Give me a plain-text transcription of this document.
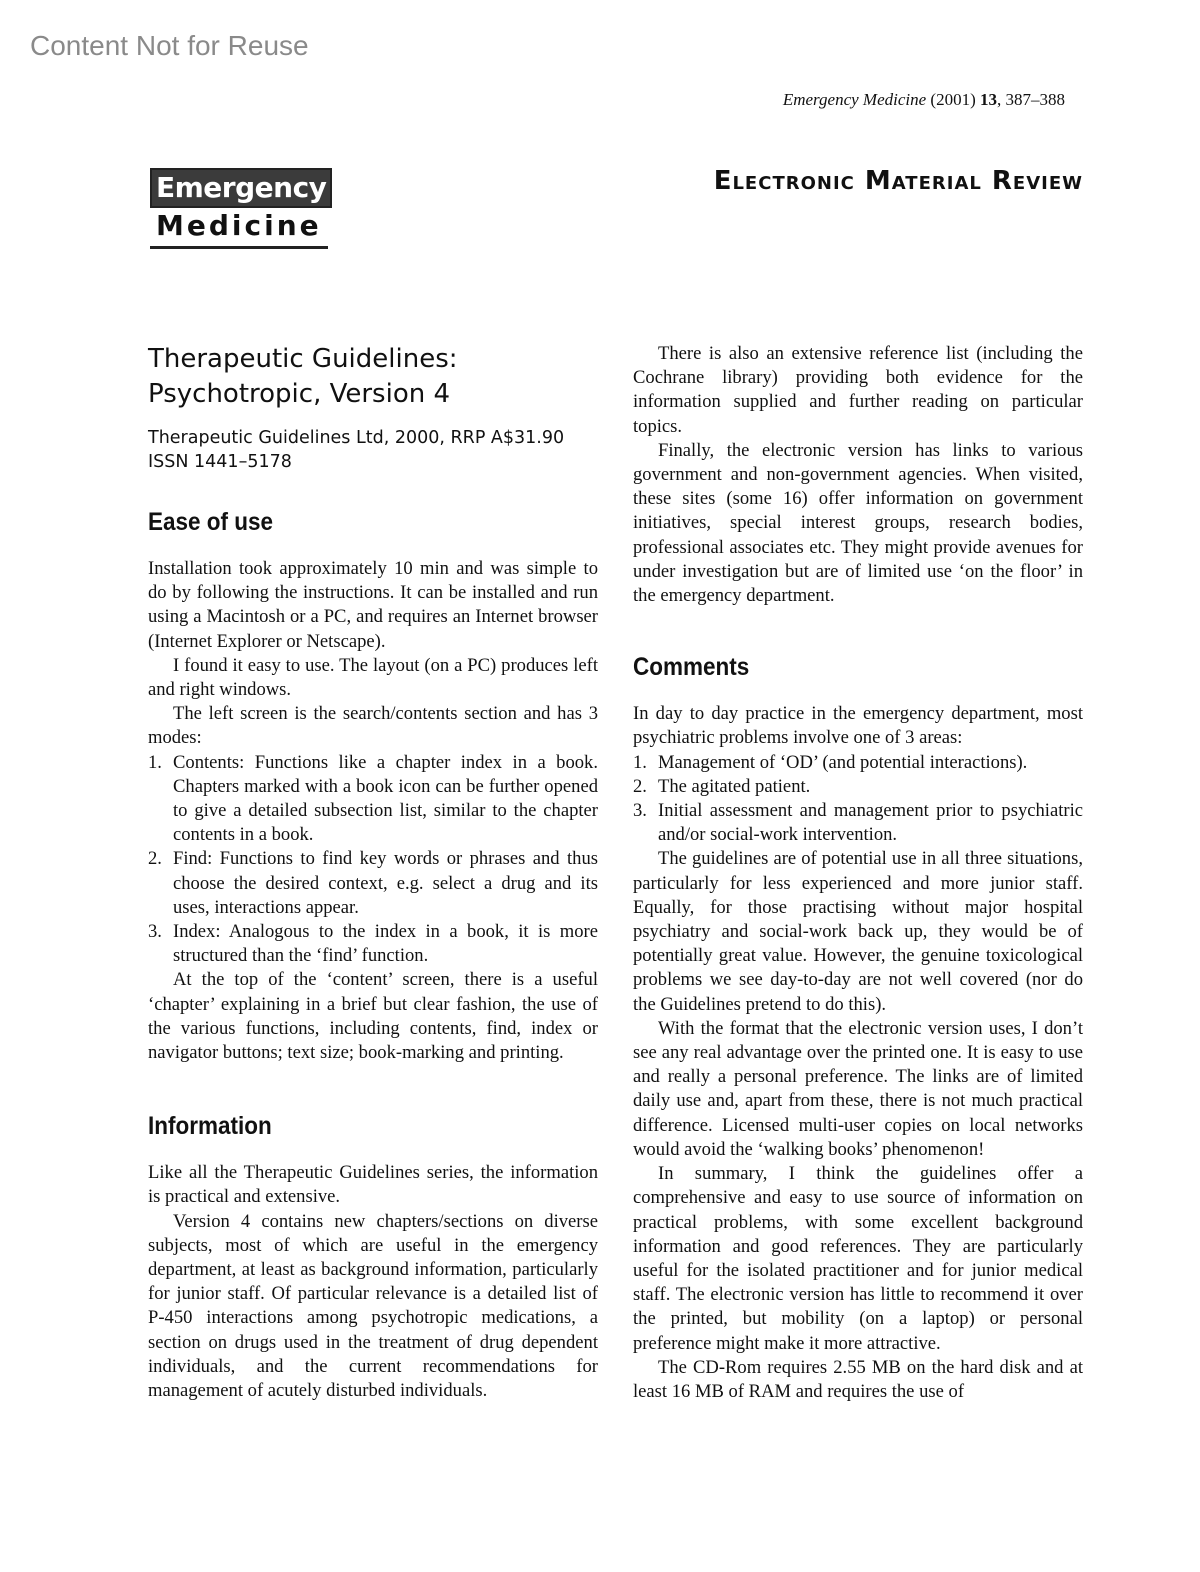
Content Not for Reuse
Emergency Medicine (2001) 13, 387–388
Emergency
Medicine
Electronic Material Review
Therapeutic Guidelines:
Psychotropic, Version 4

Therapeutic Guidelines Ltd, 2000, RRP A$31.90

ISSN 1441–5178

Ease of use

Installation took approximately 10 min and was simple to do by following the instructions. It can be installed and run using a Macintosh or a PC, and requires an Internet browser (Internet Explorer or Netscape).

I found it easy to use. The layout (on a PC) produces left and right windows.

The left screen is the search/contents section and has 3 modes:

1. Contents: Functions like a chapter index in a book. Chapters marked with a book icon can be further opened to give a detailed subsection list, similar to the chapter contents in a book.
2. Find: Functions to find key words or phrases and thus choose the desired context, e.g. select a drug and its uses, interactions appear.
3. Index: Analogous to the index in a book, it is more structured than the ‘find’ function.

At the top of the ‘content’ screen, there is a useful ‘chapter’ explaining in a brief but clear fashion, the use of the various functions, including contents, find, index or navigator buttons; text size; book-marking and printing.

Information

Like all the Therapeutic Guidelines series, the information is practical and extensive.

Version 4 contains new chapters/sections on diverse subjects, most of which are useful in the emergency department, at least as background information, particularly for junior staff. Of particular relevance is a detailed list of P-450 interactions among psychotropic medications, a section on drugs used in the treatment of drug dependent individuals, and the current recommendations for management of acutely disturbed individuals.

There is also an extensive reference list (including the Cochrane library) providing both evidence for the information supplied and further reading on particular topics.

Finally, the electronic version has links to various government and non-government agencies. When visited, these sites (some 16) offer information on government initiatives, special interest groups, research bodies, professional associates etc. They might provide avenues for under investigation but are of limited use ‘on the floor’ in the emergency department.

Comments

In day to day practice in the emergency department, most psychiatric problems involve one of 3 areas:

1. Management of ‘OD’ (and potential interactions).
2. The agitated patient.
3. Initial assessment and management prior to psychiatric and/or social-work intervention.

The guidelines are of potential use in all three situations, particularly for less experienced and more junior staff. Equally, for those practising without major hospital psychiatry and social-work back up, they would be of potentially great value. However, the genuine toxicological problems we see day-to-day are not well covered (nor do the Guidelines pretend to do this).

With the format that the electronic version uses, I don’t see any real advantage over the printed one. It is easy to use and really a personal preference. The links are of limited daily use and, apart from these, there is not much practical difference. Licensed multi-user copies on local networks would avoid the ‘walking books’ phenomenon!

In summary, I think the guidelines offer a comprehensive and easy to use source of information on practical problems, with some excellent background information and good references. They are particularly useful for the isolated practitioner and for junior medical staff. The electronic version has little to recommend it over the printed, but mobility (on a laptop) or personal preference might make it more attractive.

The CD-Rom requires 2.55 MB on the hard disk and at least 16 MB of RAM and requires the use of
